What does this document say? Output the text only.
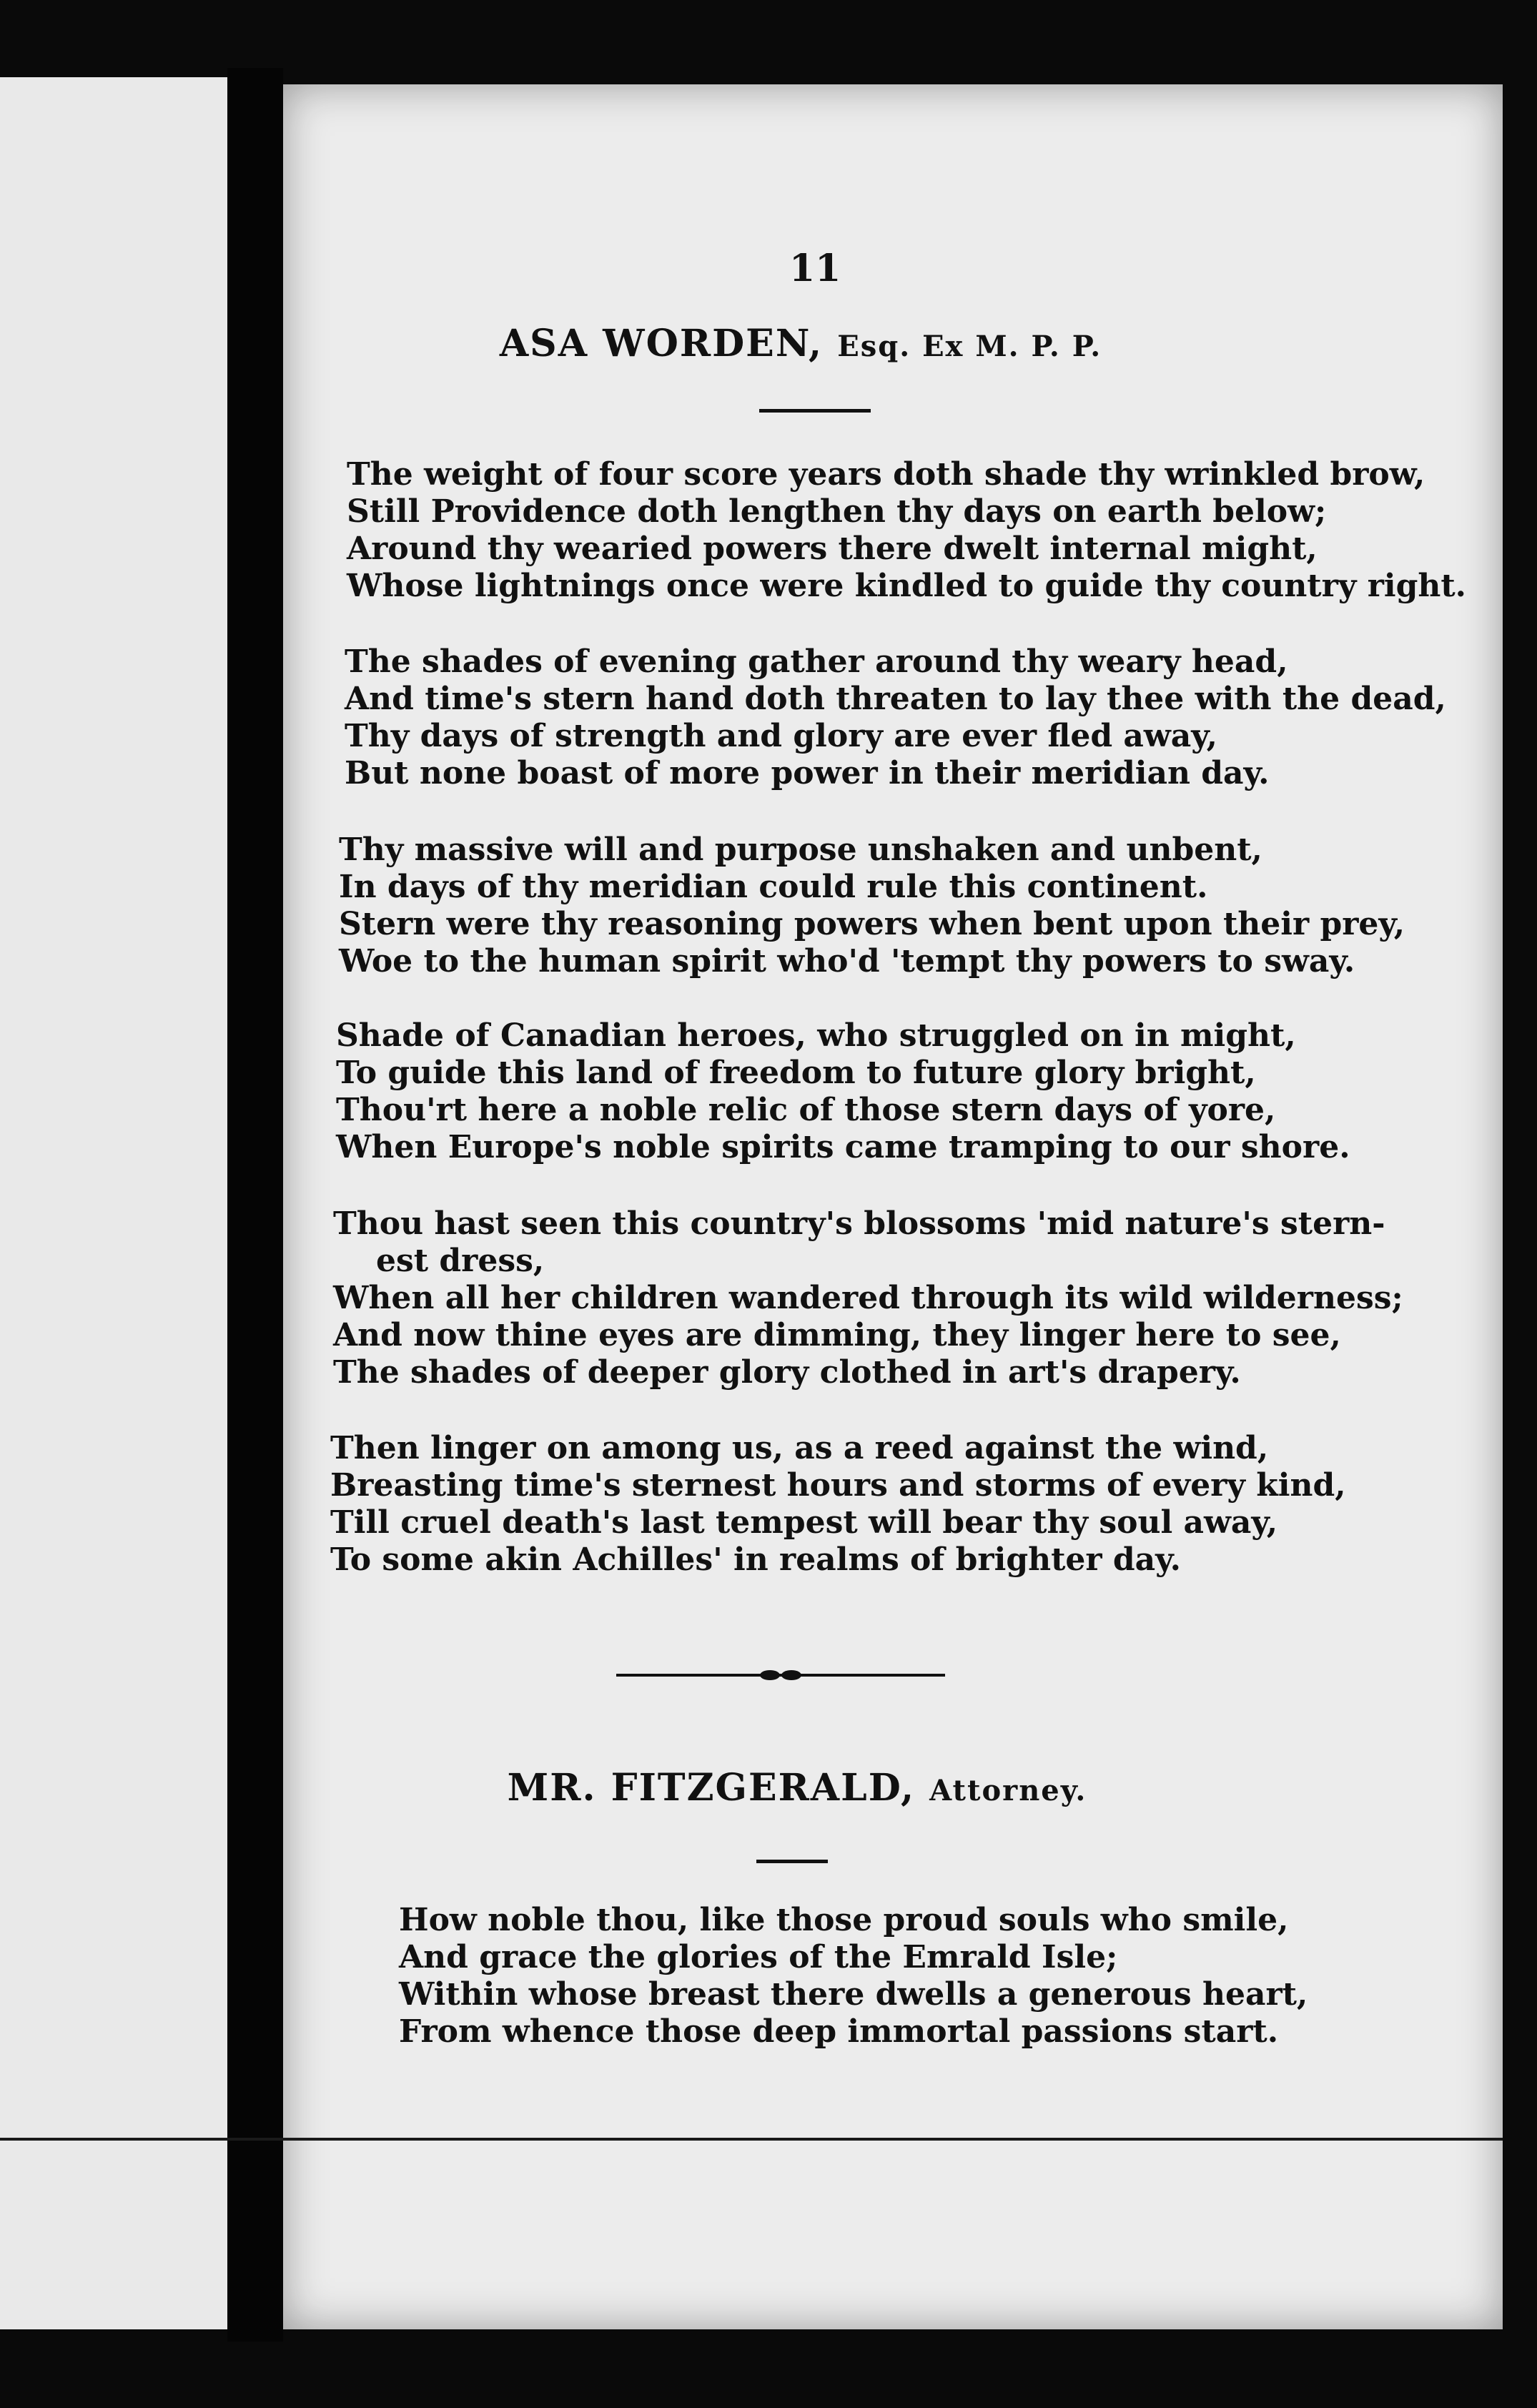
11
ASA WORDEN, Esq. Ex M. P. P.
The weight of four score years doth shade thy wrinkled brow,
Still Providence doth lengthen thy days on earth below;
Around thy wearied powers there dwelt internal might,
Whose lightnings once were kindled to guide thy country right.
The shades of evening gather around thy weary head,
And time's stern hand doth threaten to lay thee with the dead,
Thy days of strength and glory are ever fled away,
But none boast of more power in their meridian day.
Thy massive will and purpose unshaken and unbent,
In days of thy meridian could rule this continent.
Stern were thy reasoning powers when bent upon their prey,
Woe to the human spirit who'd 'tempt thy powers to sway.
Shade of Canadian heroes, who struggled on in might,
To guide this land of freedom to future glory bright,
Thou'rt here a noble relic of those stern days of yore,
When Europe's noble spirits came tramping to our shore.
Thou hast seen this country's blossoms 'mid nature's stern-
est dress,
When all her children wandered through its wild wilderness;
And now thine eyes are dimming, they linger here to see,
The shades of deeper glory clothed in art's drapery.
Then linger on among us, as a reed against the wind,
Breasting time's sternest hours and storms of every kind,
Till cruel death's last tempest will bear thy soul away,
To some akin Achilles' in realms of brighter day.
MR. FITZGERALD, Attorney.
How noble thou, like those proud souls who smile,
And grace the glories of the Emrald Isle;
Within whose breast there dwells a generous heart,
From whence those deep immortal passions start.
